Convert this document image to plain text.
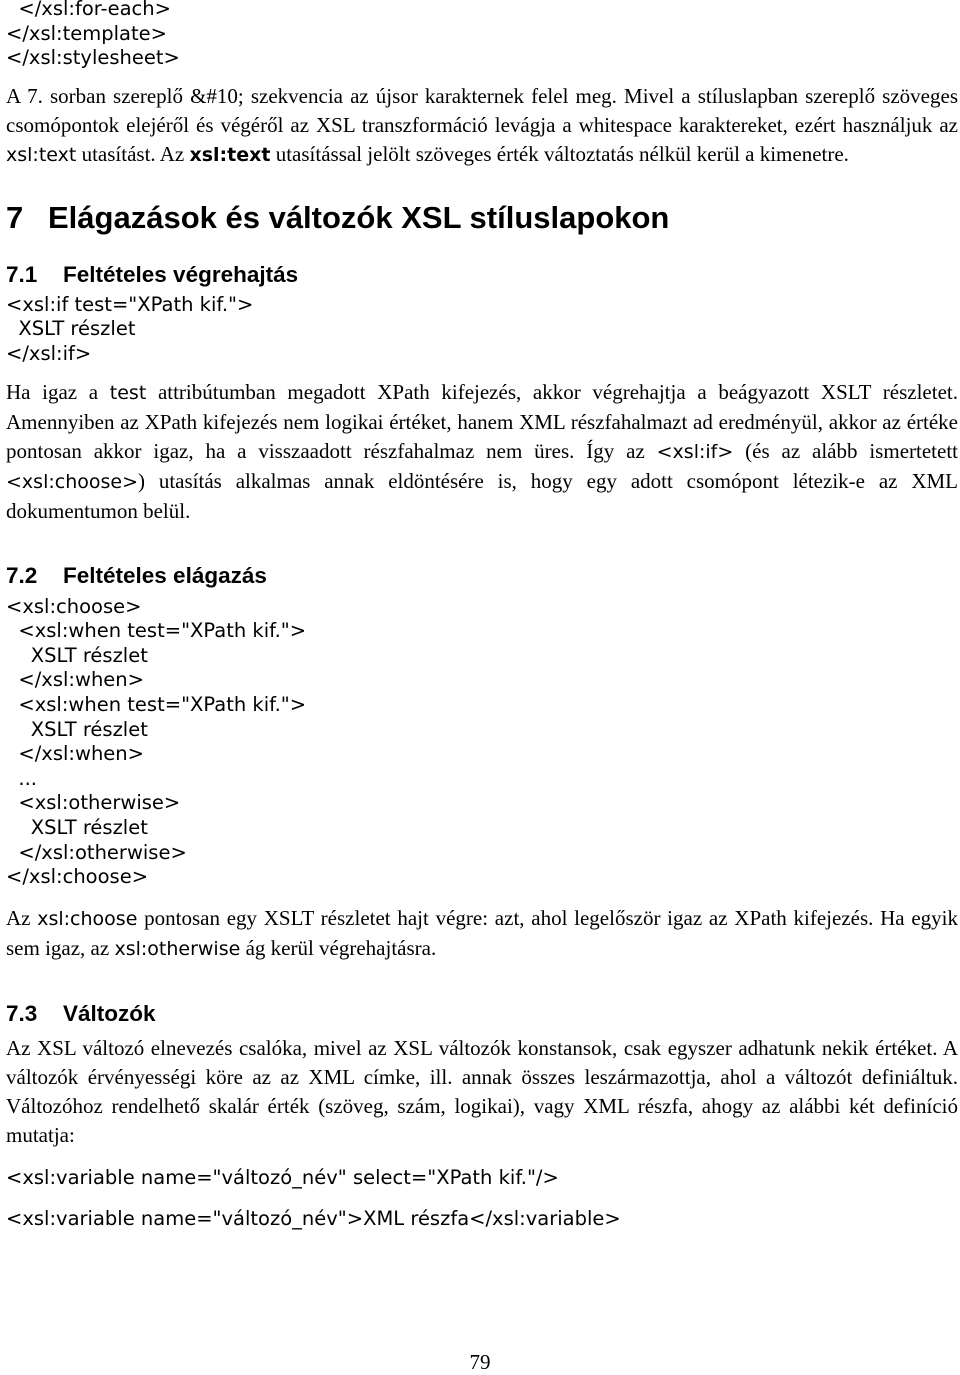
</xsl:for-each>
</xsl:template>
</xsl:stylesheet>

A 7. sorban szereplő &#10; szekvencia az újsor karakternek felel meg. Mivel a stíluslapban szereplő szöveges csomópontok elejéről és végéről az XSL transzformáció levágja a whitespace karaktereket, ezért használjuk az xsl:text utasítást. Az xsl:text utasítással jelölt szöveges érték változtatás nélkül kerül a kimenetre.

7 Elágazások és változók XSL stíluslapokon
7.1 Feltételes végrehajtás
<xsl:if test="XPath kif.">
XSLT részlet
</xsl:if>

Ha igaz a test attribútumban megadott XPath kifejezés, akkor végrehajtja a beágyazott XSLT részletet. Amennyiben az XPath kifejezés nem logikai értéket, hanem XML részfahalmazt ad eredményül, akkor az értéke pontosan akkor igaz, ha a visszaadott részfahalmaz nem üres. Így az <xsl:if> (és az alább ismertetett <xsl:choose>) utasítás alkalmas annak eldöntésére is, hogy egy adott csomópont létezik-e az XML dokumentumon belül.

7.2 Feltételes elágazás
<xsl:choose>
<xsl:when test="XPath kif.">
XSLT részlet
</xsl:when>
<xsl:when test="XPath kif.">
XSLT részlet
</xsl:when>
...
<xsl:otherwise>
XSLT részlet
</xsl:otherwise>
</xsl:choose>

Az xsl:choose pontosan egy XSLT részletet hajt végre: azt, ahol legelőször igaz az XPath kifejezés. Ha egyik sem igaz, az xsl:otherwise ág kerül végrehajtásra.

7.3 Változók

Az XSL változó elnevezés csalóka, mivel az XSL változók konstansok, csak egyszer adhatunk nekik értéket. A változók érvényességi köre az az XML címke, ill. annak összes leszármazottja, ahol a változót definiáltuk. Változóhoz rendelhető skalár érték (szöveg, szám, logikai), vagy XML részfa, ahogy az alábbi két definíció mutatja:

<xsl:variable name="változó_név" select="XPath kif."/>
<xsl:variable name="változó_név">XML részfa</xsl:variable>
79
